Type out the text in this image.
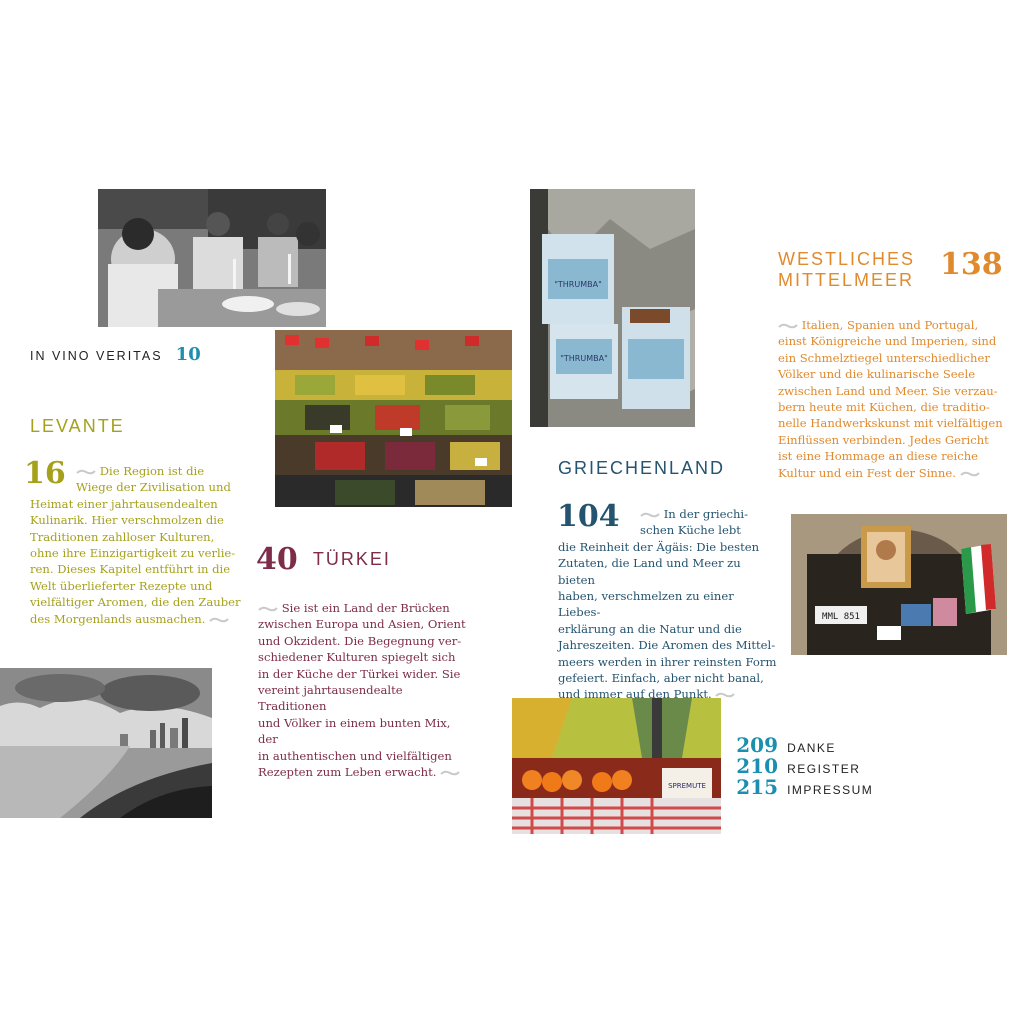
"THRUMBA"
"THRUMBA"
MML 851
SPREMUTE
IN VINO VERITAS 10
LEVANTE
16	Die Region ist die
Wiege der Zivilisation und
Heimat einer jahrtausendealten
Kulinarik. Hier verschmolzen die
Traditionen zahlloser Kulturen,
ohne ihre Einzigartigkeit zu verlie-
ren. Dieses Kapitel entführt in die
Welt überlieferter Rezepte und
vielfältiger Aromen, die den Zauber
des Morgenlands ausmachen.
40 TÜRKEI
Sie ist ein Land der Brücken
zwischen Europa und Asien, Orient
und Okzident. Die Begegnung ver-
schiedener Kulturen spiegelt sich
in der Küche der Türkei wider. Sie
vereint jahrtausendealte Traditionen
und Völker in einem bunten Mix, der
in authentischen und vielfältigen
Rezepten zum Leben erwacht.
GRIECHENLAND
104	In der griechi-
schen Küche lebt
die Reinheit der Ägäis: Die besten
Zutaten, die Land und Meer zu bieten
haben, verschmelzen zu einer Liebes-
erklärung an die Natur und die
Jahreszeiten. Die Aromen des Mittel-
meers werden in ihrer reinsten Form
gefeiert. Einfach, aber nicht banal,
und immer auf den Punkt.
WESTLICHES
MITTELMEER 138
Italien, Spanien und Portugal,
einst Königreiche und Imperien, sind
ein Schmelztiegel unterschiedlicher
Völker und die kulinarische Seele
zwischen Land und Meer. Sie verzau-
bern heute mit Küchen, die traditio-
nelle Handwerkskunst mit vielfältigen
Einflüssen verbinden. Jedes Gericht
ist eine Hommage an diese reiche
Kultur und ein Fest der Sinne.
209 DANKE
210 REGISTER
215 IMPRESSUM
